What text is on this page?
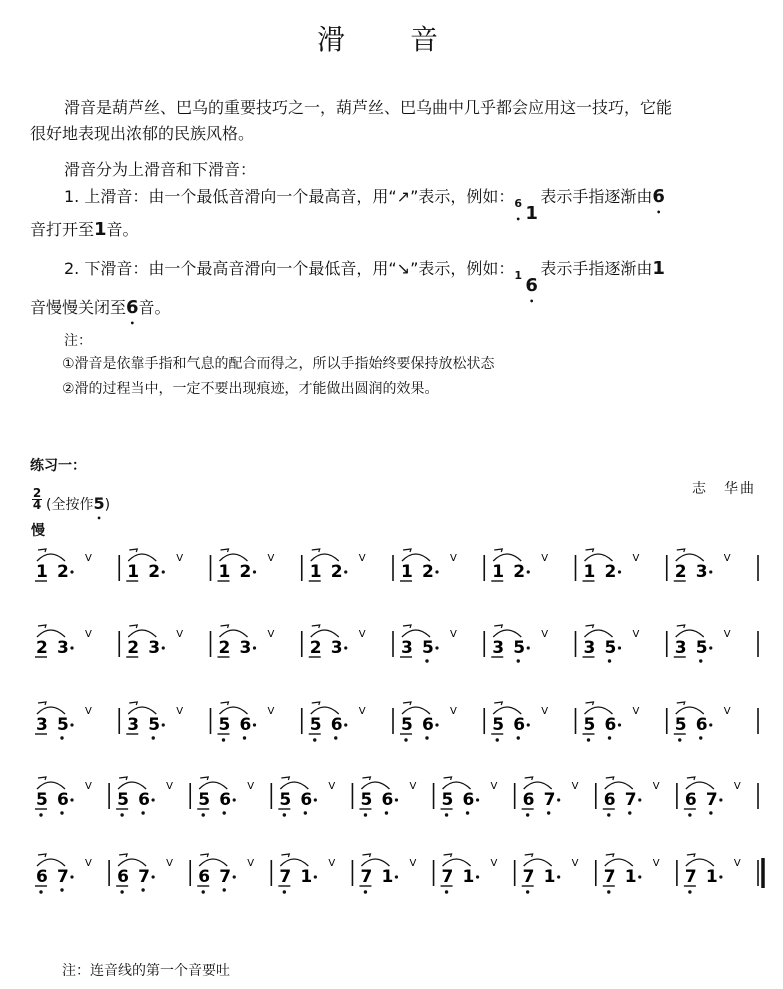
滑 音
滑音是葫芦丝、巴乌的重要技巧之一，葫芦丝、巴乌曲中几乎都会应用这一技巧，它能
很好地表现出浓郁的民族风格。
滑音分为上滑音和下滑音：
1. 上滑音：由一个最低音滑向一个最高音，用“↗”表示，例如： 6 • 1
表示手指逐渐由6 •
音打开至1音。
2. 下滑音：由一个最高音滑向一个最低音，用“↘”表示，例如： 1 6 •
表示手指逐渐由1
音慢慢关闭至6 •音。
注：
①滑音是依靠手指和气息的配合而得之，所以手指始终要保持放松状态
②滑的过程当中，一定不要出现痕迹，才能做出圆润的效果。
练习一：
志　华曲
2
4 (全按作5 •)
慢
1 2
V
1 2
V
1 2
V
1 2
V
1 2
V
1 2
V
1 2
V
2 3
V
2 3
V
2 3
V
2 3
V
2 3
V
3 5
V
3 5
V
3 5
V
3 5
V
3 5
V
3 5
V
5 6
V
5 6
V
5 6
V
5 6
V
5 6
V
5 6
V
5 6
V
5 6
V
5 6
V
5 6
V
5 6
V
5 6
V
6 7
V
6 7
V
6 7
V
6 7
V
6 7
V
6 7
V
7 1
V
7 1
V
7 1
V
7 1
V
7 1
V
7 1
V
注：连音线的第一个音要吐
